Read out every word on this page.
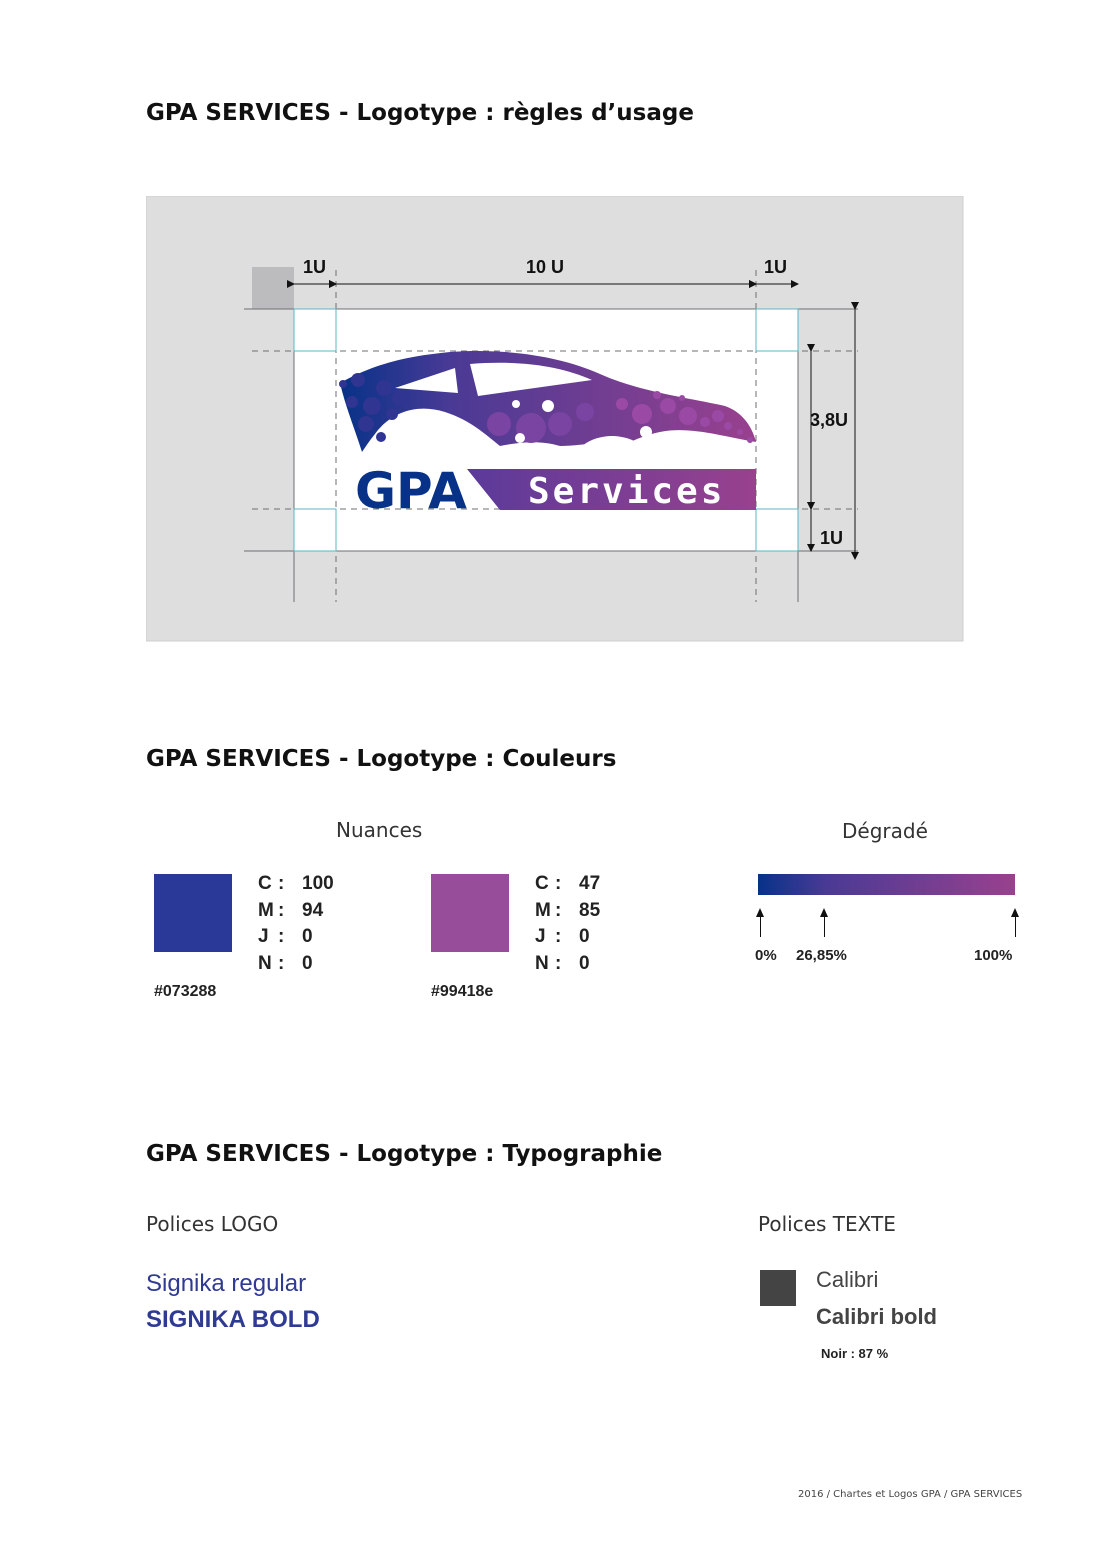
GPA SERVICES - Logotype : règles d’usage
GPA Services
1U	10 U	1U
3,8U
1U
GPA SERVICES - Logotype : Couleurs
Nuances	Dégradé
C : 100
M : 94
J : 0
N : 0
#073288
C : 47
M : 85
J : 0
N : 0
#99418e
0% 26,85%	100%
GPA SERVICES - Logotype : Typographie
Polices LOGO	Polices TEXTE
Signika regular
SIGNIKA BOLD
Calibri
Calibri bold
Noir : 87 %
2016 / Chartes et Logos GPA / GPA SERVICES
